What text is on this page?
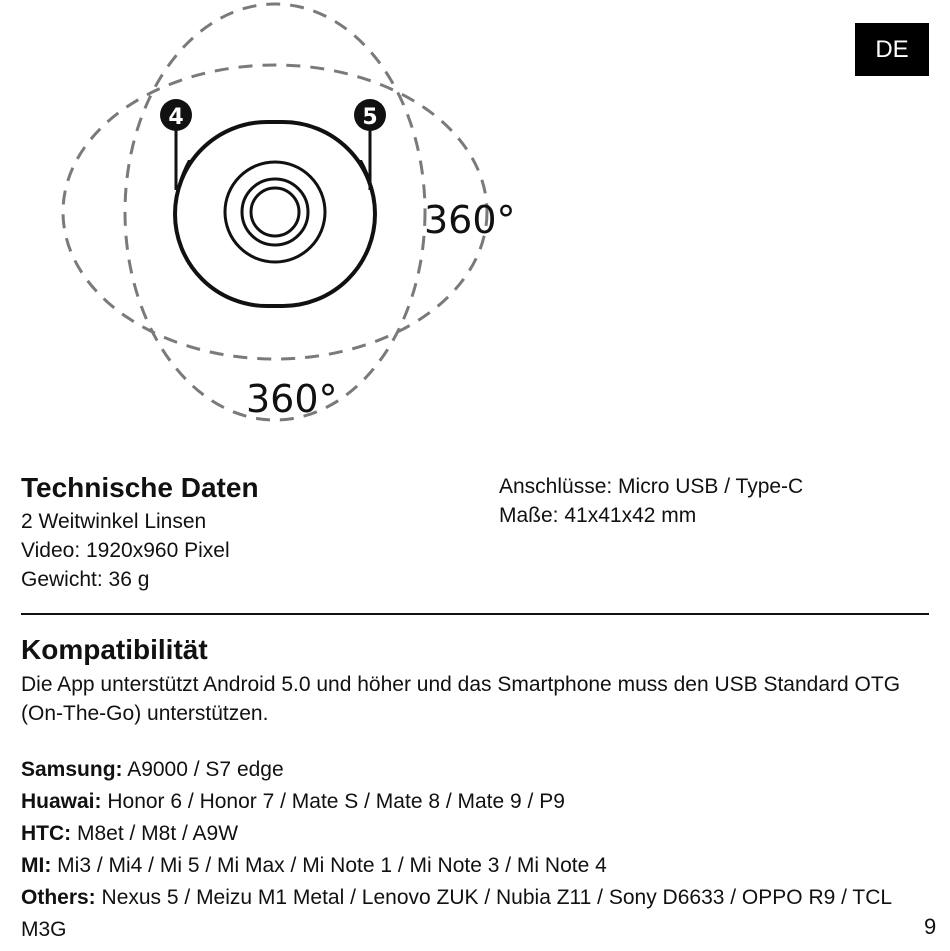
DE
4	5
360°
360°
Technische Daten
2 Weitwinkel Linsen
Video: 1920x960 Pixel
Gewicht: 36 g
Anschlüsse: Micro USB / Type-C
Maße: 41x41x42 mm
Kompatibilität

Die App unterstützt Android 5.0 und höher und das Smartphone muss den USB Standard OTG (On-The-Go) unterstützen.

Samsung: A9000 / S7 edge
Huawai: Honor 6 / Honor 7 / Mate S / Mate 8 / Mate 9 / P9
HTC: M8et / M8t / A9W
MI: Mi3 / Mi4 / Mi 5 / Mi Max / Mi Note 1 / Mi Note 3 / Mi Note 4
Others: Nexus 5 / Meizu M1 Metal / Lenovo ZUK / Nubia Z11 / Sony D6633 / OPPO R9 / TCL M3G	9
